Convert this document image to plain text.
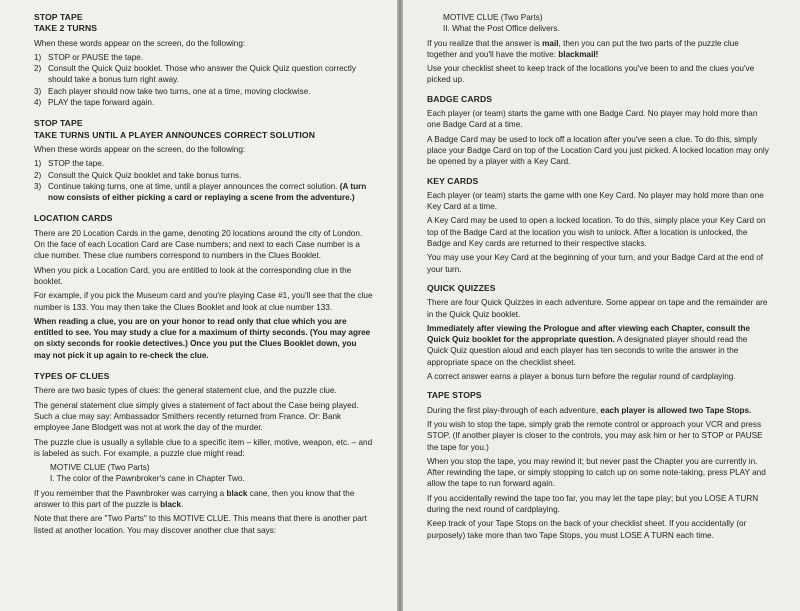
STOP TAPE
TAKE 2 TURNS

When these words appear on the screen, do the following:

1) STOP or PAUSE the tape.
2) Consult the Quick Quiz booklet. Those who answer the Quick Quiz question correctly should take a bonus turn right away.
3) Each player should now take two turns, one at a time, moving clockwise.
4) PLAY the tape forward again.
STOP TAPE
TAKE TURNS UNTIL A PLAYER ANNOUNCES CORRECT SOLUTION

When these words appear on the screen, do the following:

1) STOP the tape.
2) Consult the Quick Quiz booklet and take bonus turns.
3) Continue taking turns, one at time, until a player announces the correct solution. (A turn now consists of either picking a card or replaying a scene from the adventure.)
LOCATION CARDS

There are 20 Location Cards in the game, denoting 20 locations around the city of London. On the face of each Location Card are Case numbers; and next to each Case number is a clue number. These clue numbers correspond to numbers in the Clues Booklet.

When you pick a Location Card, you are entitled to look at the corresponding clue in the booklet.

For example, if you pick the Museum card and you're playing Case #1, you'll see that the clue number is 133. You may then take the Clues Booklet and look at clue number 133.

When reading a clue, you are on your honor to read only that clue which you are entitled to see. You may study a clue for a maximum of thirty seconds. (You may agree on sixty seconds for rookie detectives.) Once you put the Clues Booklet down, you may not pick it up again to re-check the clue.

TYPES OF CLUES

There are two basic types of clues: the general statement clue, and the puzzle clue.

The general statement clue simply gives a statement of fact about the Case being played. Such a clue may say: Ambassador Smithers recently returned from France. Or: Bank employee Jane Blodgett was not at work the day of the murder.

The puzzle clue is usually a syllable clue to a specific item – killer, motive, weapon, etc. – and is labeled as such. For example, a puzzle clue might read:

MOTIVE CLUE (Two Parts)

I. The color of the Pawnbroker's cane in Chapter Two.

If you remember that the Pawnbroker was carrying a black cane, then you know that the answer to this part of the puzzle is black.

Note that there are "Two Parts" to this MOTIVE CLUE. This means that there is another part listed at another location. You may discover another clue that says:

MOTIVE CLUE (Two Parts)

II. What the Post Office delivers.

If you realize that the answer is mail, then you can put the two parts of the puzzle clue together and you'll have the motive: blackmail!

Use your checklist sheet to keep track of the locations you've been to and the clues you've picked up.

BADGE CARDS

Each player (or team) starts the game with one Badge Card. No player may hold more than one Badge Card at a time.

A Badge Card may be used to lock off a location after you've seen a clue. To do this, simply place your Badge Card on top of the Location Card you just picked. A locked location may only be opened by a player with a Key Card.

KEY CARDS

Each player (or team) starts the game with one Key Card. No player may hold more than one Key Card at a time.

A Key Card may be used to open a locked location. To do this, simply place your Key Card on top of the Badge Card at the location you wish to unlock. After a location is unlocked, the Badge and Key cards are returned to their respective stacks.

You may use your Key Card at the beginning of your turn, and your Badge Card at the end of your turn.

QUICK QUIZZES

There are four Quick Quizzes in each adventure. Some appear on tape and the remainder are in the Quick Quiz booklet.

Immediately after viewing the Prologue and after viewing each Chapter, consult the Quick Quiz booklet for the appropriate question. A designated player should read the Quick Quiz question aloud and each player has ten seconds to write the answer in the appropriate space on the checklist sheet.

A correct answer earns a player a bonus turn before the regular round of cardplaying.

TAPE STOPS

During the first play-through of each adventure, each player is allowed two Tape Stops.

If you wish to stop the tape, simply grab the remote control or approach your VCR and press STOP. (If another player is closer to the controls, you may ask him or her to STOP or PAUSE the tape for you.)

When you stop the tape, you may rewind it; but never past the Chapter you are currently in. After rewinding the tape, or simply stopping to catch up on some note-taking, press PLAY and allow the tape to run forward again.

If you accidentally rewind the tape too far, you may let the tape play; but you LOSE A TURN during the next round of cardplaying.

Keep track of your Tape Stops on the back of your checklist sheet. If you accidentally (or purposely) take more than two Tape Stops, you must LOSE A TURN each time.
